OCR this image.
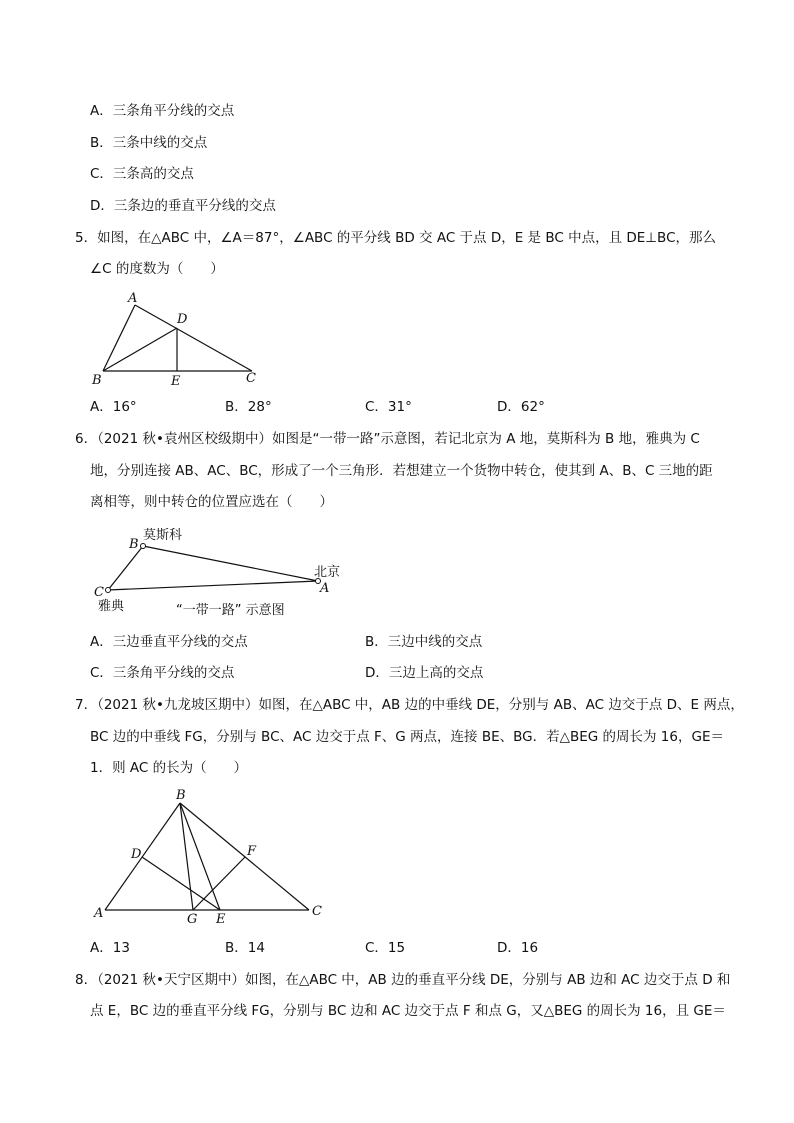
A．三条角平分线的交点
B．三条中线的交点
C．三条高的交点
D．三条边的垂直平分线的交点
5．如图，在△ABC 中，∠A＝87°，∠ABC 的平分线 BD 交 AC 于点 D，E 是 BC 中点，且 DE⊥BC，那么
∠C 的度数为（　　）
A
D
B	E	C
A．16°	B．28°	C．31°	D．62°
6．（2021 秋•袁州区校级期中）如图是“一带一路”示意图，若记北京为 A 地，莫斯科为 B 地，雅典为 C
地，分别连接 AB、AC、BC，形成了一个三角形．若想建立一个货物中转仓，使其到 A、B、C 三地的距
离相等，则中转仓的位置应选在（　　）
B
莫斯科
C
雅典
北京
A
“一带一路” 示意图
A．三边垂直平分线的交点	B．三边中线的交点
C．三条角平分线的交点	D．三边上高的交点
7．（2021 秋•九龙坡区期中）如图，在△ABC 中，AB 边的中垂线 DE，分别与 AB、AC 边交于点 D、E 两点，
BC 边的中垂线 FG，分别与 BC、AC 边交于点 F、G 两点，连接 BE、BG．若△BEG 的周长为 16，GE＝
1．则 AC 的长为（　　）
B
D	F
A	G E
C
A．13	B．14	C．15	D．16
8．（2021 秋•天宁区期中）如图，在△ABC 中，AB 边的垂直平分线 DE，分别与 AB 边和 AC 边交于点 D 和
点 E，BC 边的垂直平分线 FG，分别与 BC 边和 AC 边交于点 F 和点 G，又△BEG 的周长为 16，且 GE＝
